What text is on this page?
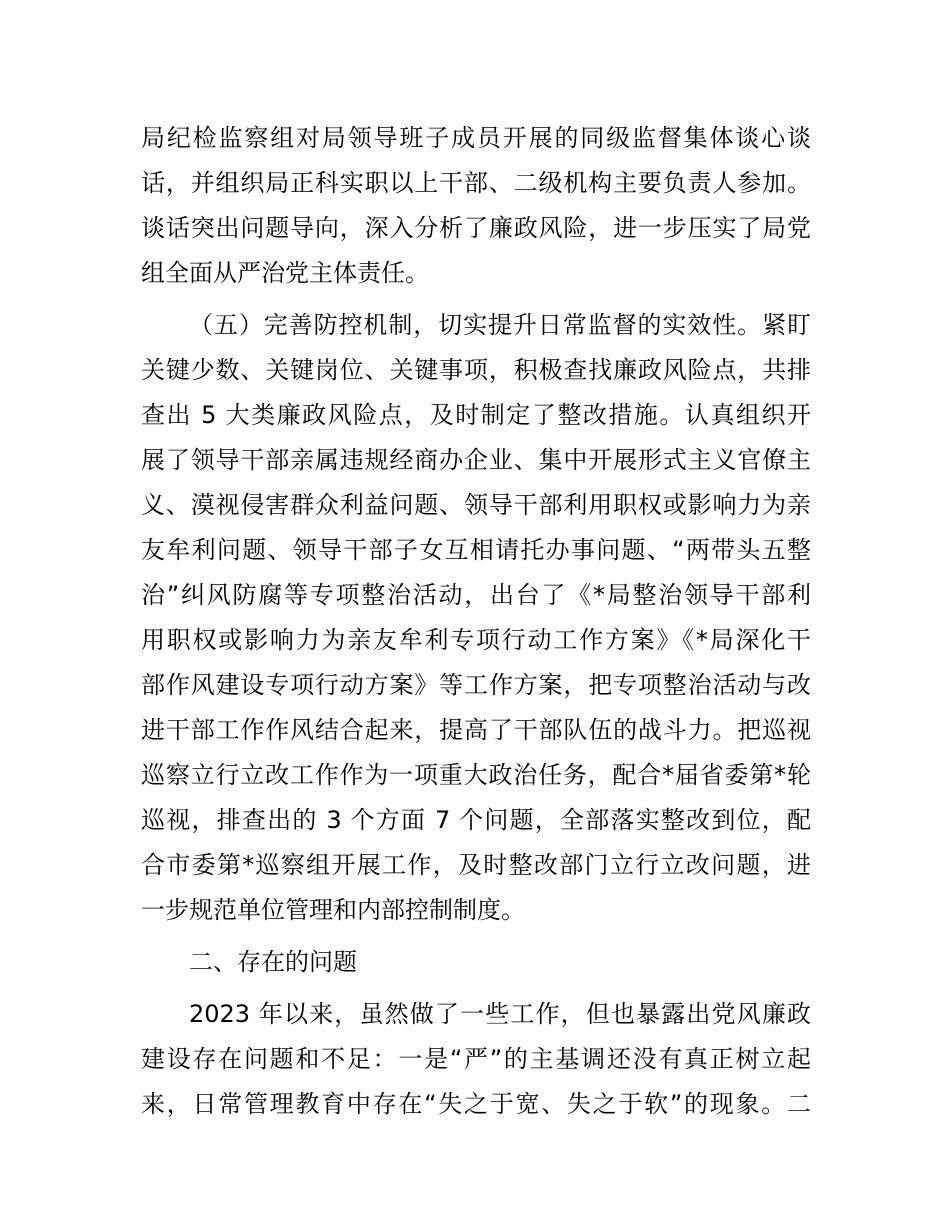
局纪检监察组对局领导班子成员开展的同级监督集体谈心谈
话，并组织局正科实职以上干部、二级机构主要负责人参加。
谈话突出问题导向，深入分析了廉政风险，进一步压实了局党
组全面从严治党主体责任。
（五）完善防控机制，切实提升日常监督的实效性。紧盯
关键少数、关键岗位、关键事项，积极查找廉政风险点，共排
查出 5 大类廉政风险点，及时制定了整改措施。认真组织开
展了领导干部亲属违规经商办企业、集中开展形式主义官僚主
义、漠视侵害群众利益问题、领导干部利用职权或影响力为亲
友牟利问题、领导干部子女互相请托办事问题、“两带头五整
治”纠风防腐等专项整治活动，出台了《*局整治领导干部利
用职权或影响力为亲友牟利专项行动工作方案》《*局深化干
部作风建设专项行动方案》等工作方案，把专项整治活动与改
进干部工作作风结合起来，提高了干部队伍的战斗力。把巡视
巡察立行立改工作作为一项重大政治任务，配合*届省委第*轮
巡视，排查出的 3 个方面 7 个问题，全部落实整改到位，配
合市委第*巡察组开展工作，及时整改部门立行立改问题，进
一步规范单位管理和内部控制制度。
二、存在的问题
2023 年以来，虽然做了一些工作，但也暴露出党风廉政
建设存在问题和不足：一是“严”的主基调还没有真正树立起
来，日常管理教育中存在“失之于宽、失之于软”的现象。二
